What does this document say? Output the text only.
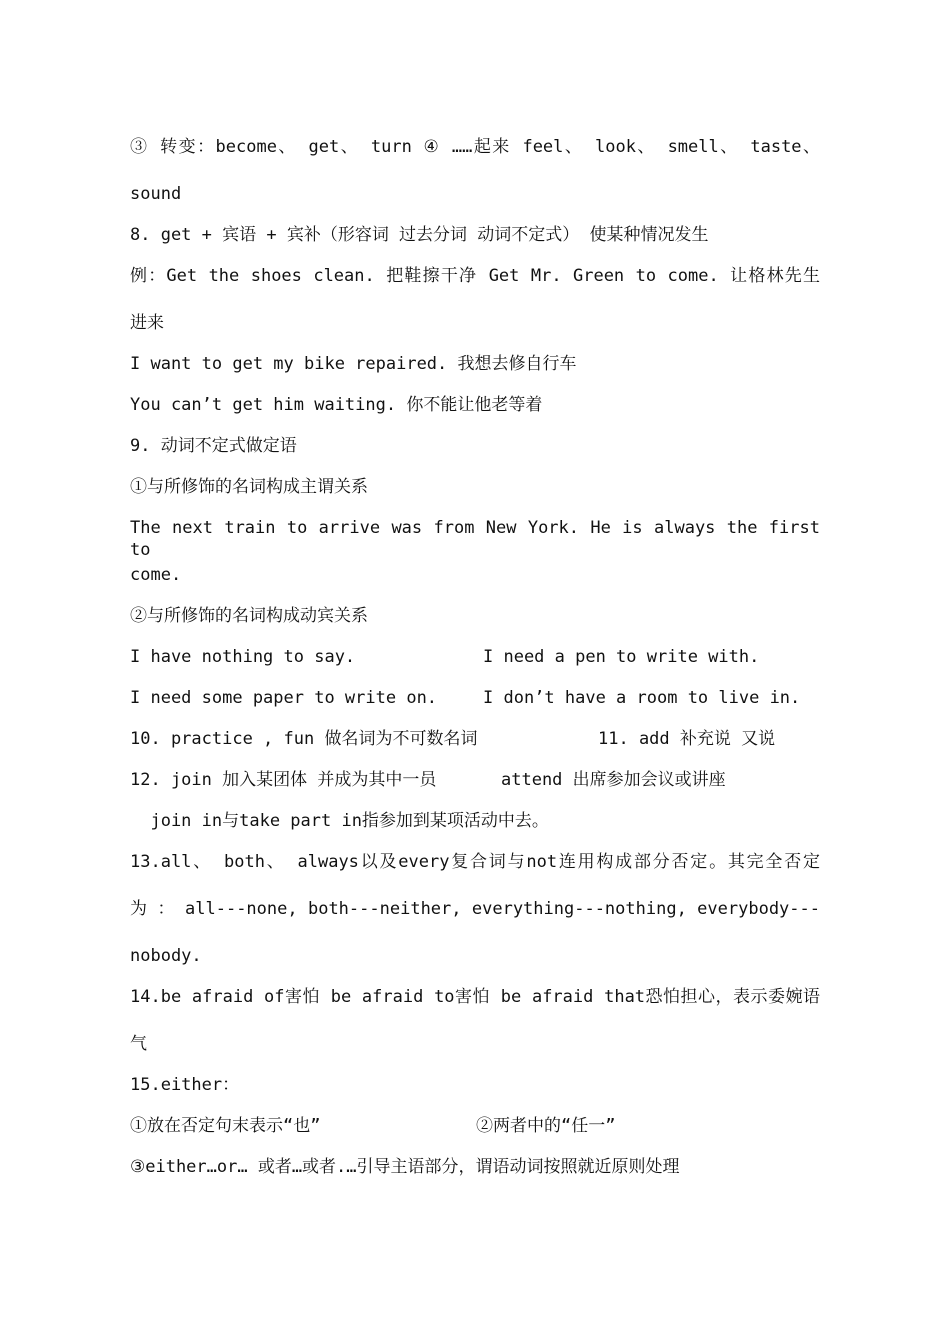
③ 转变：become、 get、 turn ④ ……起来 feel、 look、 smell、 taste、
sound
8. get + 宾语 + 宾补（形容词 过去分词 动词不定式） 使某种情况发生
例：Get the shoes clean. 把鞋擦干净 Get Mr. Green to come. 让格林先生
进来
I want to get my bike repaired. 我想去修自行车
You can’t get him waiting. 你不能让他老等着
9. 动词不定式做定语
①与所修饰的名词构成主谓关系
The next train to arrive was from New York. He is always the first to
come.
②与所修饰的名词构成动宾关系
I have nothing to say.	I need a pen to write with.
I need some paper to write on.	I don’t have a room to live in.
10. practice , fun 做名词为不可数名词	11. add 补充说 又说
12. join 加入某团体 并成为其中一员	attend 出席参加会议或讲座
join in与take part in指参加到某项活动中去。
13.all、 both、 always以及every复合词与not连用构成部分否定。其完全否定
为 ： all---none, both---neither, everything---nothing, everybody---
nobody.
14.be afraid of害怕 be afraid to害怕 be afraid that恐怕担心，表示委婉语
气
15.either：
①放在否定句末表示“也”	②两者中的“任一”
③either…or… 或者…或者.…引导主语部分，谓语动词按照就近原则处理
